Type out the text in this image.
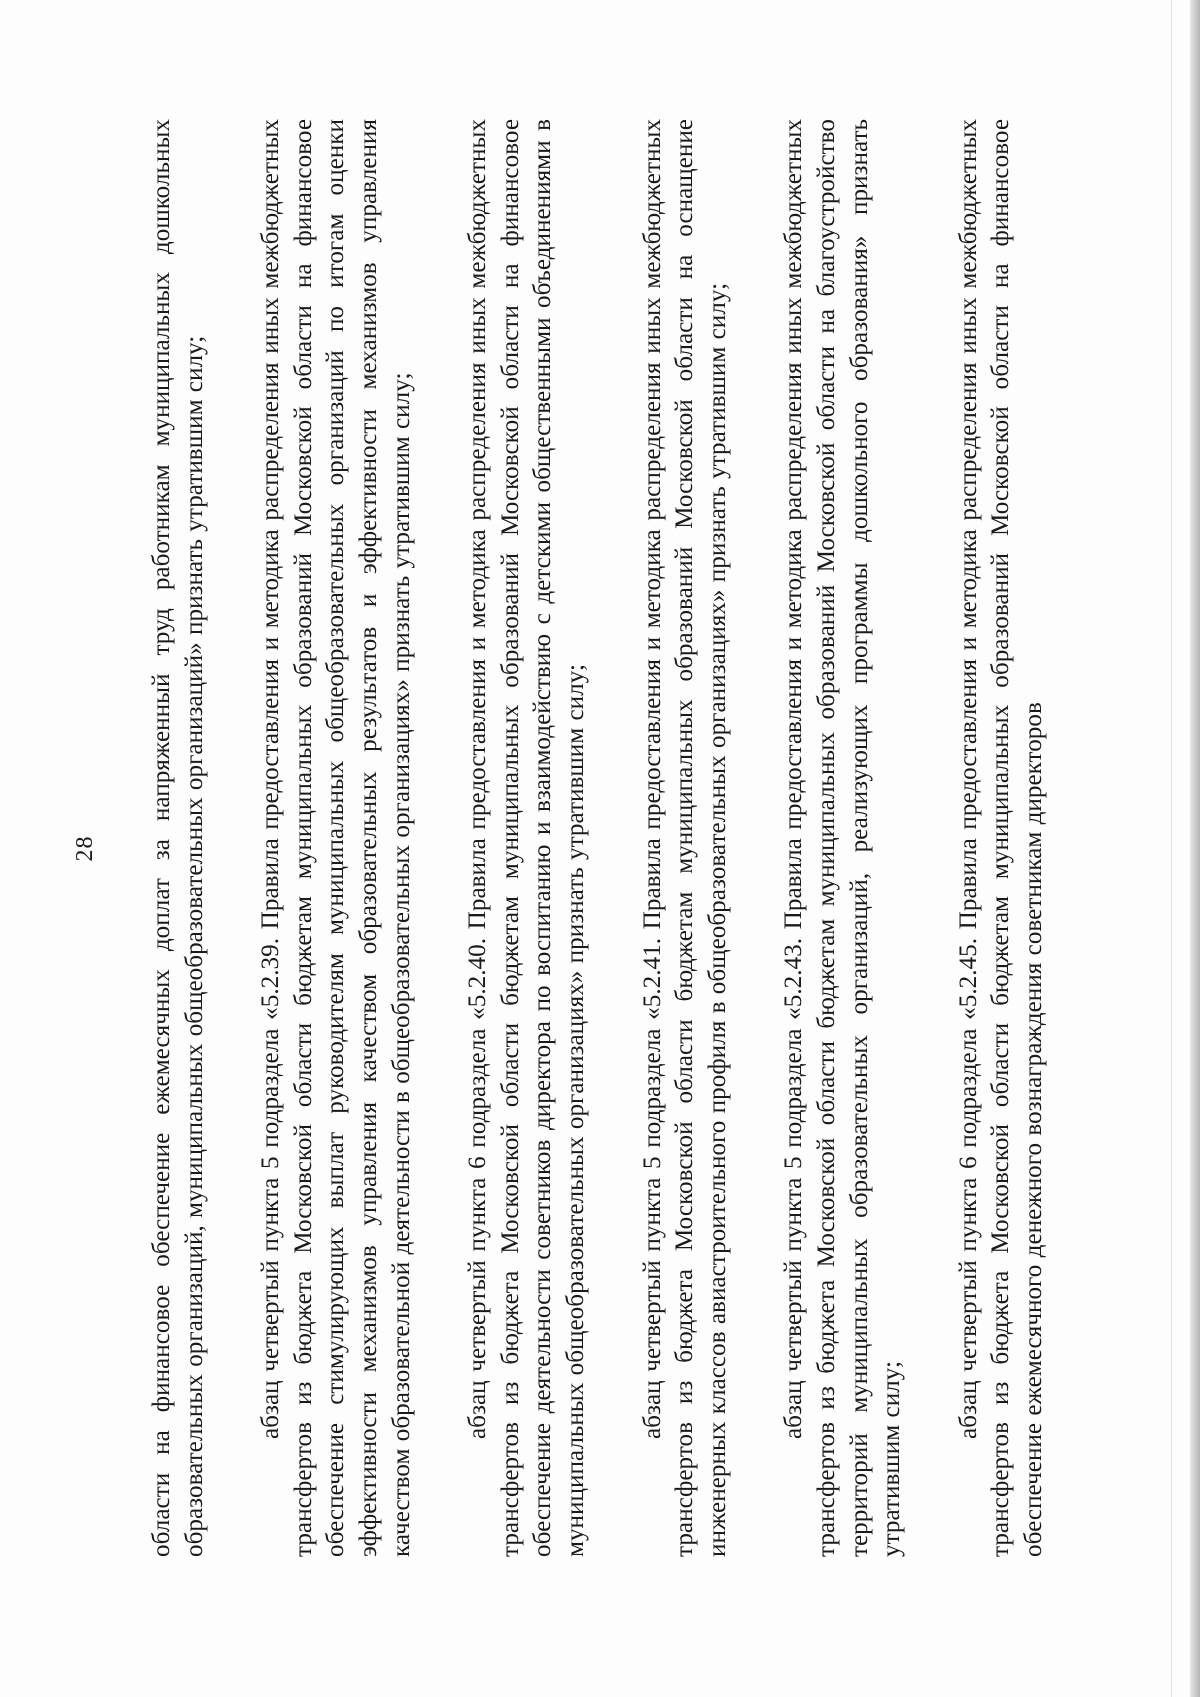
28 области на финансовое обеспечение ежемесячных доплат за напряженный труд работникам муниципальных дошкольных образовательных организаций, муниципальных общеобразовательных организаций» признать утратившим силу; абзац четвертый пункта 5 подраздела «5.2.39. Правила предоставления и методика распределения иных межбюджетных трансфертов из бюджета Московской области бюджетам муниципальных образований Московской области на финансовое обеспечение стимулирующих выплат руководителям муниципальных общеобразовательных организаций по итогам оценки эффективности механизмов управления качеством образовательных результатов и эффективности механизмов управления качеством образовательной деятельности в общеобразовательных организациях» признать утратившим силу; абзац четвертый пункта 6 подраздела «5.2.40. Правила предоставления и методика распределения иных межбюджетных трансфертов из бюджета Московской области бюджетам муниципальных образований Московской области на финансовое обеспечение деятельности советников директора по воспитанию и взаимодействию с детскими общественными объединениями в муниципальных общеобразовательных организациях» признать утратившим силу; абзац четвертый пункта 5 подраздела «5.2.41. Правила предоставления и методика распределения иных межбюджетных трансфертов из бюджета Московской области бюджетам муниципальных образований Московской области на оснащение инженерных классов авиастроительного профиля в общеобразовательных организациях» признать утратившим силу; абзац четвертый пункта 5 подраздела «5.2.43. Правила предоставления и методика распределения иных межбюджетных трансфертов из бюджета Московской области бюджетам муниципальных образований Московской области на благоустройство территорий муниципальных образовательных организаций, реализующих программы дошкольного образования» признать утратившим силу;

абзац четвертый пункта 6 подраздела «5.2.45. Правила предоставления и методика распределения иных межбюджетных трансфертов из бюджета Московской области бюджетам муниципальных образований Московской области на финансовое обеспечение ежемесячного денежного вознаграждения советникам директоров
